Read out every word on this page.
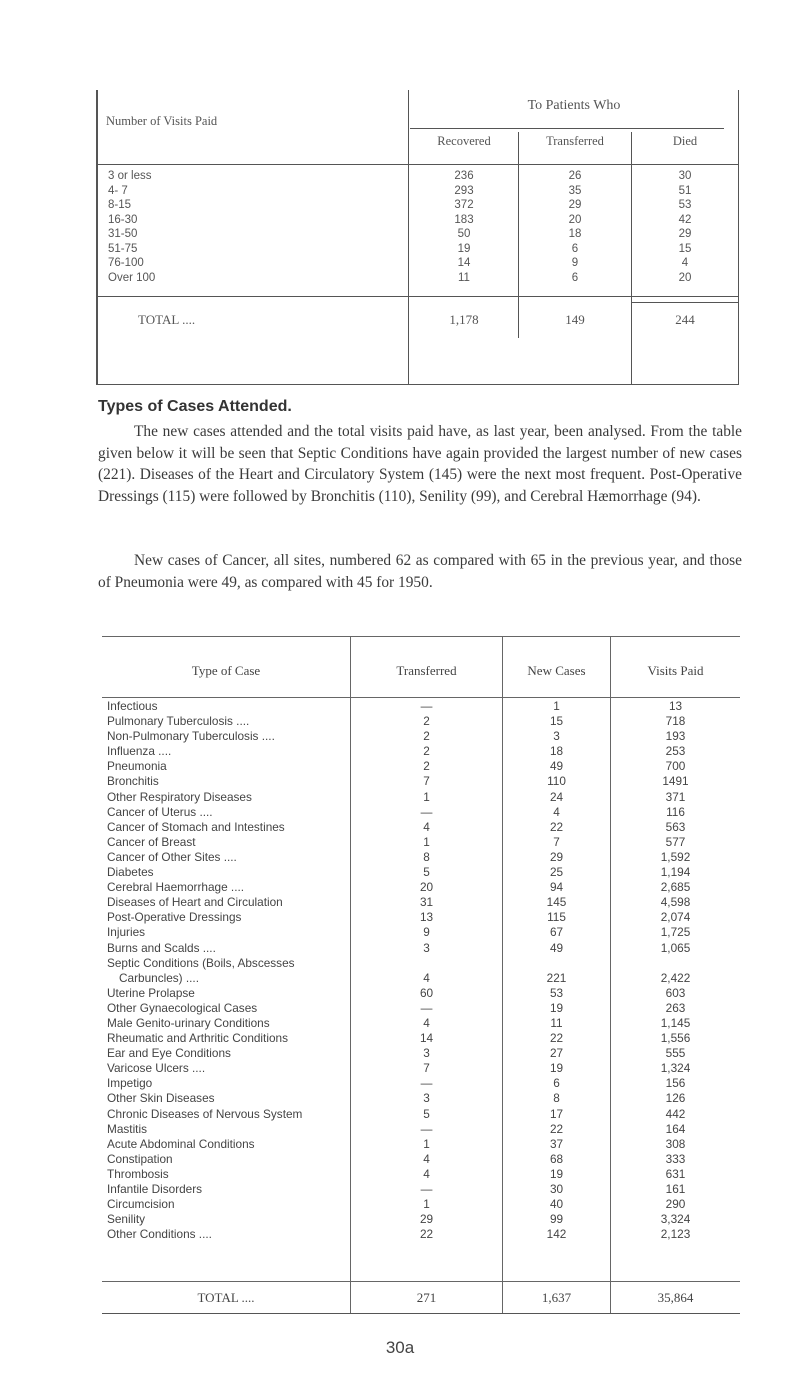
Number of Visits Paid
To Patients Who
Recovered	Transferred	Died
3 or less	236	26	30
4- 7	293	35	51
8-15	372	29	53
16-30	183	20	42
31-50	50	18	29
51-75	19	6	15
76-100	14	9	4
Over 100	11	6	20
TOTAL ....	1,178	149	244
Types of Cases Attended.
The new cases attended and the total visits paid have, as last year, been analysed. From the table given below it will be seen that Septic Conditions have again provided the largest number of new cases (221). Diseases of the Heart and Circulatory System (145) were the next most frequent. Post-Operative Dressings (115) were followed by Bronchitis (110), Senility (99), and Cerebral Hæmorrhage (94).
New cases of Cancer, all sites, numbered 62 as compared with 65 in the previous year, and those of Pneumonia were 49, as compared with 45 for 1950.
Type of Case	Transferred	New Cases	Visits Paid
Infectious	—	1	13
Pulmonary Tuberculosis ....	2	15	718
Non-Pulmonary Tuberculosis ....	2	3	193
Influenza ....	2	18	253
Pneumonia	2	49	700
Bronchitis	7	110	1491
Other Respiratory Diseases	1	24	371
Cancer of Uterus ....	—	4	116
Cancer of Stomach and Intestines	4	22	563
Cancer of Breast	1	7	577
Cancer of Other Sites ....	8	29	1,592
Diabetes	5	25	1,194
Cerebral Haemorrhage ....	20	94	2,685
Diseases of Heart and Circulation	31	145	4,598
Post-Operative Dressings	13	115	2,074
Injuries	9	67	1,725
Burns and Scalds ....	3	49	1,065
Septic Conditions (Boils, Abscesses
Carbuncles) ....	4	221	2,422
Uterine Prolapse	60	53	603
Other Gynaecological Cases	—	19	263
Male Genito-urinary Conditions	4	11	1,145
Rheumatic and Arthritic Conditions	14	22	1,556
Ear and Eye Conditions	3	27	555
Varicose Ulcers ....	7	19	1,324
Impetigo	—	6	156
Other Skin Diseases	3	8	126
Chronic Diseases of Nervous System	5	17	442
Mastitis	—	22	164
Acute Abdominal Conditions	1	37	308
Constipation	4	68	333
Thrombosis	4	19	631
Infantile Disorders	—	30	161
Circumcision	1	40	290
Senility	29	99	3,324
Other Conditions ....	22	142	2,123
TOTAL ....	271	1,637	35,864
30a
